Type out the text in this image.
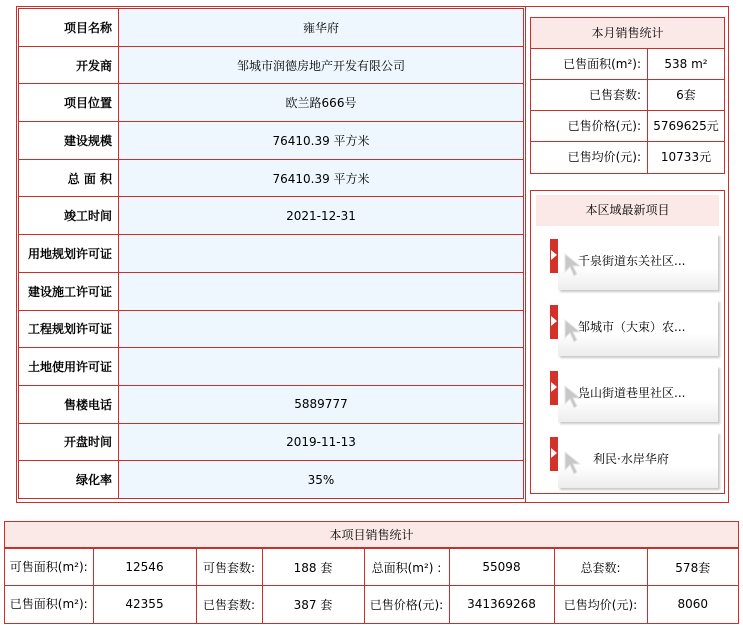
项目名称	雍华府
开发商	邹城市润德房地产开发有限公司
项目位置	欧兰路666号
建设规模	76410.39 平方米
总 面 积	76410.39 平方米
竣工时间	2021-12-31
用地规划许可证	
建设施工许可证	
工程规划许可证	
土地使用许可证	
售楼电话	5889777
开盘时间	2019-11-13
绿化率	35%
本月销售统计
已售面积(m²):	538 m²
已售套数:	6套
已售价格(元):	5769625元
已售均价(元):	10733元
本区域最新项目
千泉街道东关社区...
邹城市（大束）农...
凫山街道巷里社区...
利民·水岸华府
本项目销售统计
可售面积(m²):	12546	可售套数:	188 套	总面积(m²) :	55098	总套数:	578套
已售面积(m²):	42355	已售套数:	387 套	已售价格(元):	341369268	已售均价(元):	8060
